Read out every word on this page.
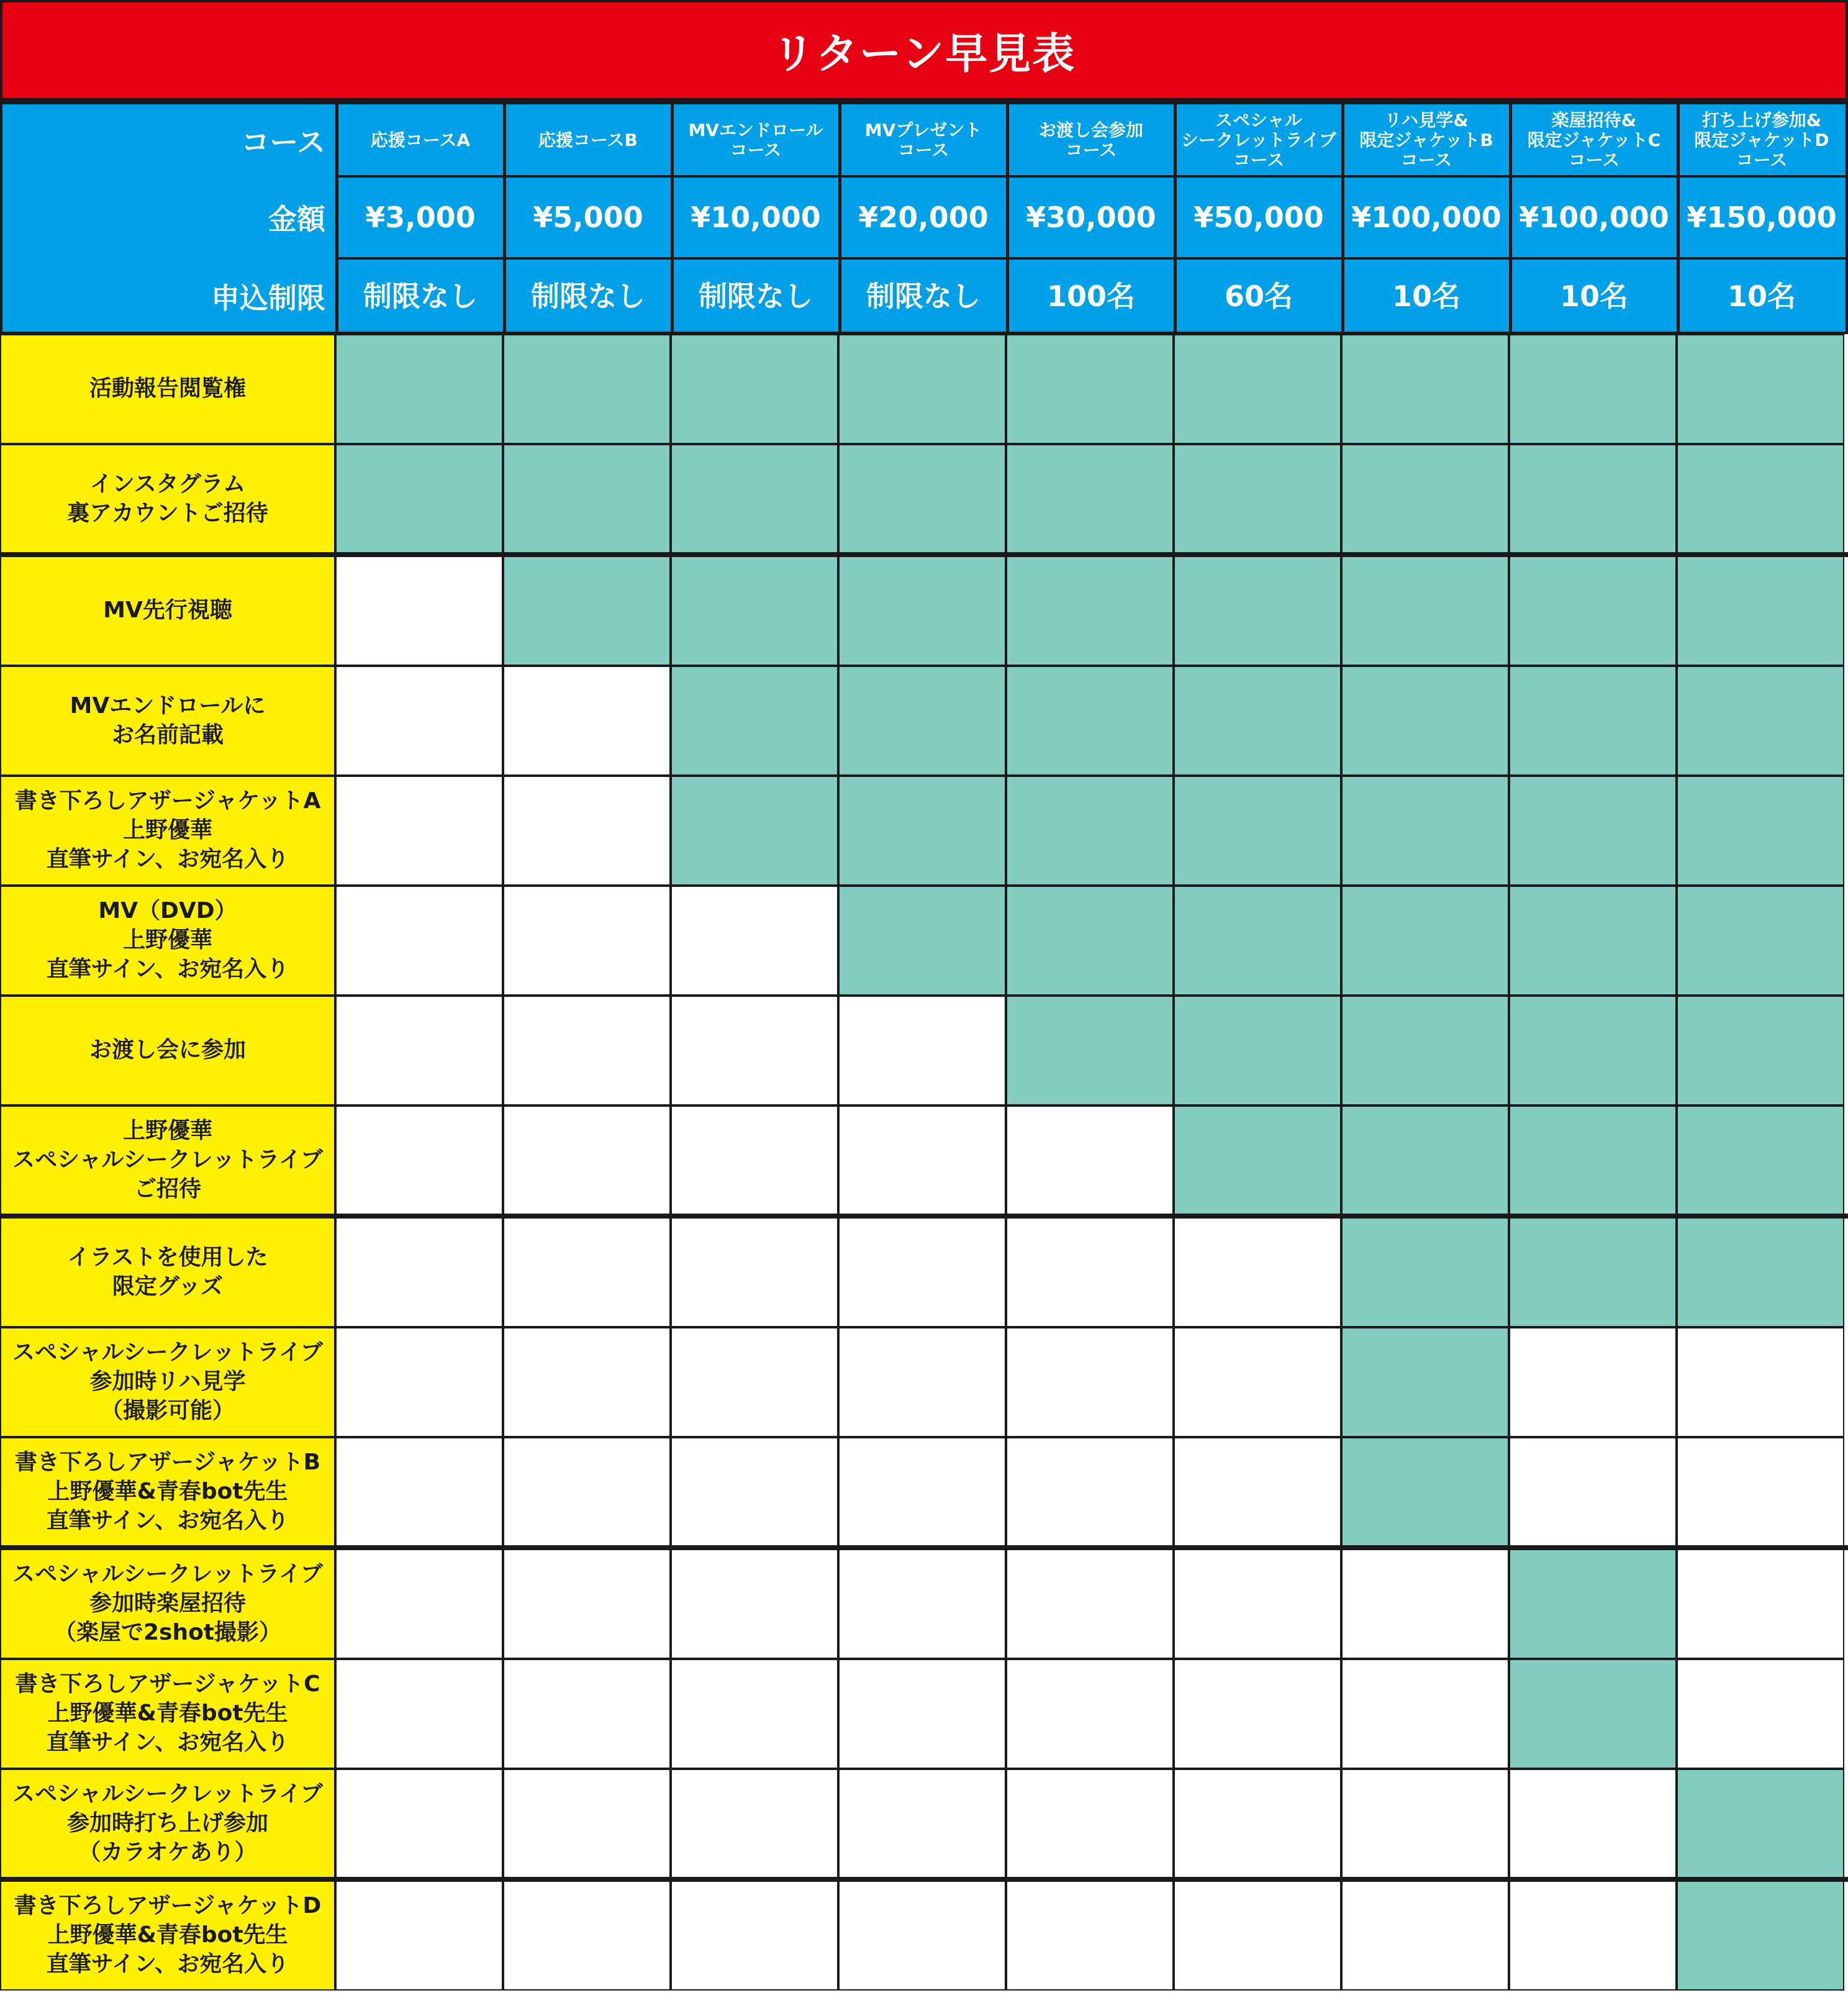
リターン早見表
コース
金額
申込制限
応援コースA
¥3,000
制限なし
応援コースB
¥5,000
制限なし
MVエンドロール
コース
¥10,000
制限なし
MVプレゼント
コース
¥20,000
制限なし
お渡し会参加
コース
¥30,000
100名
スペシャル
シークレットライブ
コース
¥50,000
60名
リハ見学&
限定ジャケットB
コース
¥100,000
10名
楽屋招待&
限定ジャケットC
コース
¥100,000
10名
打ち上げ参加&
限定ジャケットD
コース
¥150,000
10名
活動報告閲覧権
インスタグラム
裏アカウントご招待
MV先行視聴
MVエンドロールに
お名前記載
書き下ろしアザージャケットA
上野優華
直筆サイン、お宛名入り
MV（DVD）
上野優華
直筆サイン、お宛名入り
お渡し会に参加
上野優華
スペシャルシークレットライブ
ご招待
イラストを使用した
限定グッズ
スペシャルシークレットライブ
参加時リハ見学
（撮影可能）
書き下ろしアザージャケットB
上野優華&青春bot先生
直筆サイン、お宛名入り
スペシャルシークレットライブ
参加時楽屋招待
（楽屋で2shot撮影）
書き下ろしアザージャケットC
上野優華&青春bot先生
直筆サイン、お宛名入り
スペシャルシークレットライブ
参加時打ち上げ参加
（カラオケあり）
書き下ろしアザージャケットD
上野優華&青春bot先生
直筆サイン、お宛名入り
